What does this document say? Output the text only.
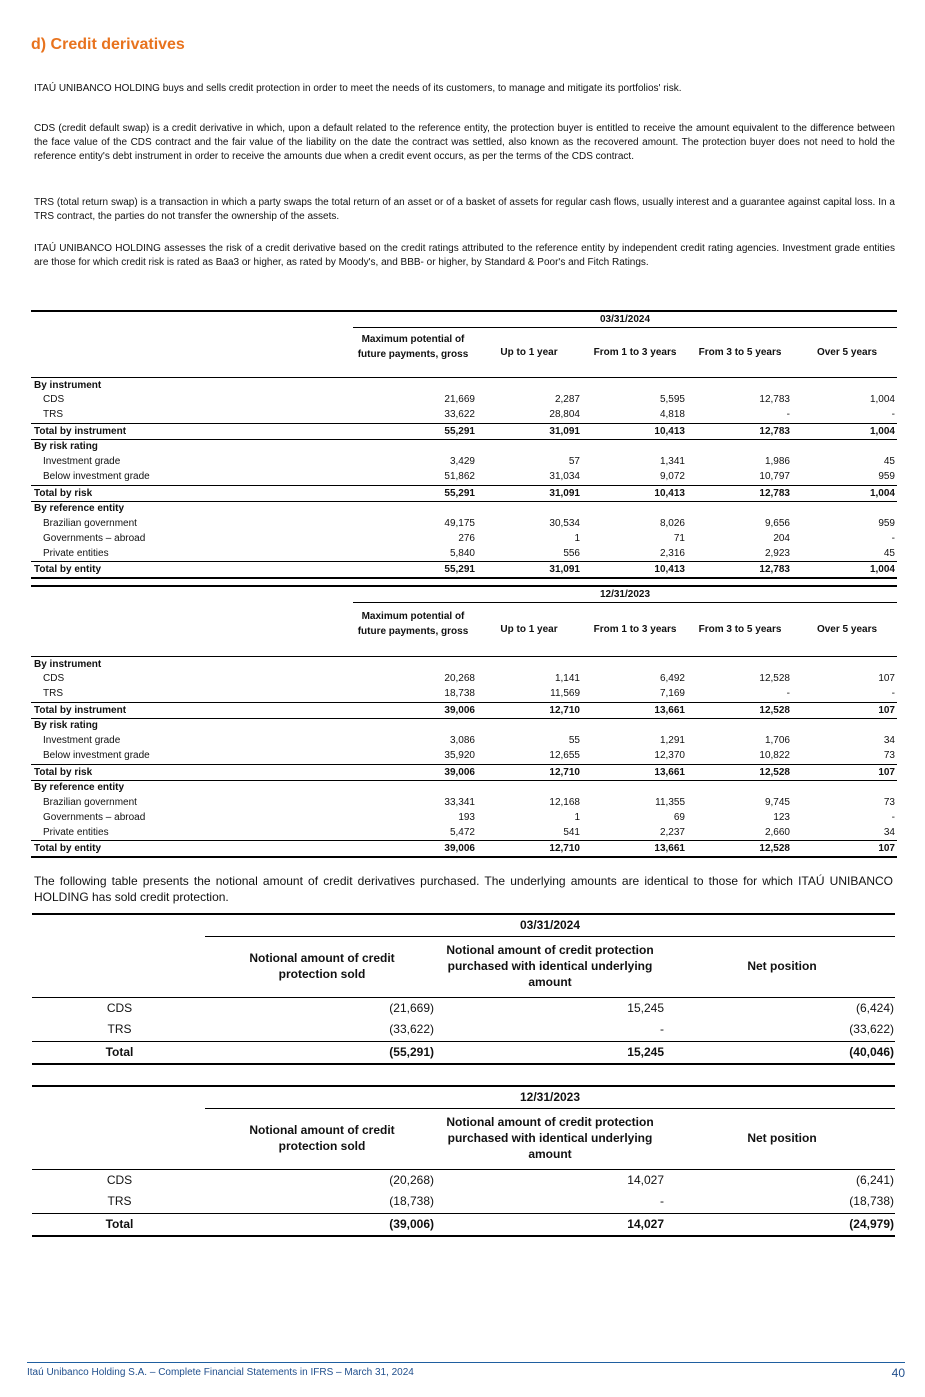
d) Credit derivatives
ITAÚ UNIBANCO HOLDING buys and sells credit protection in order to meet the needs of its customers, to manage and mitigate its portfolios' risk.
CDS (credit default swap) is a credit derivative in which, upon a default related to the reference entity, the protection buyer is entitled to receive the amount equivalent to the difference between the face value of the CDS contract and the fair value of the liability on the date the contract was settled, also known as the recovered amount. The protection buyer does not need to hold the reference entity's debt instrument in order to receive the amounts due when a credit event occurs, as per the terms of the CDS contract.
TRS (total return swap) is a transaction in which a party swaps the total return of an asset or of a basket of assets for regular cash flows, usually interest and a guarantee against capital loss. In a TRS contract, the parties do not transfer the ownership of the assets.
ITAÚ UNIBANCO HOLDING assesses the risk of a credit derivative based on the credit ratings attributed to the reference entity by independent credit rating agencies. Investment grade entities are those for which credit risk is rated as Baa3 or higher, as rated by Moody's, and BBB- or higher, by Standard & Poor's and Fitch Ratings.
03/31/2024
Maximum potential of future payments, gross	Up to 1 year	From 1 to 3 years	From 3 to 5 years	Over 5 years
By instrument
CDS	21,669	2,287	5,595	12,783	1,004
TRS	33,622	28,804	4,818	-	-
Total by instrument	55,291	31,091	10,413	12,783	1,004
By risk rating
Investment grade	3,429	57	1,341	1,986	45
Below investment grade	51,862	31,034	9,072	10,797	959
Total by risk	55,291	31,091	10,413	12,783	1,004
By reference entity
Brazilian government	49,175	30,534	8,026	9,656	959
Governments – abroad	276	1	71	204	-
Private entities	5,840	556	2,316	2,923	45
Total by entity	55,291	31,091	10,413	12,783	1,004
12/31/2023
Maximum potential of future payments, gross	Up to 1 year	From 1 to 3 years	From 3 to 5 years	Over 5 years
By instrument
CDS	20,268	1,141	6,492	12,528	107
TRS	18,738	11,569	7,169	-	-
Total by instrument	39,006	12,710	13,661	12,528	107
By risk rating
Investment grade	3,086	55	1,291	1,706	34
Below investment grade	35,920	12,655	12,370	10,822	73
Total by risk	39,006	12,710	13,661	12,528	107
By reference entity
Brazilian government	33,341	12,168	11,355	9,745	73
Governments – abroad	193	1	69	123	-
Private entities	5,472	541	2,237	2,660	34
Total by entity	39,006	12,710	13,661	12,528	107
The following table presents the notional amount of credit derivatives purchased. The underlying amounts are identical to those for which ITAÚ UNIBANCO HOLDING has sold credit protection.
03/31/2024
Notional amount of credit protection sold
Notional amount of credit protection purchased with identical underlying amount
Net position
CDS	(21,669)	15,245	(6,424)
TRS	(33,622)	-	(33,622)
Total	(55,291)	15,245	(40,046)
12/31/2023
Notional amount of credit protection sold
Notional amount of credit protection purchased with identical underlying amount
Net position
CDS	(20,268)	14,027	(6,241)
TRS	(18,738)	-	(18,738)
Total	(39,006)	14,027	(24,979)
Itaú Unibanco Holding S.A. – Complete Financial Statements in IFRS – March 31, 2024	40
